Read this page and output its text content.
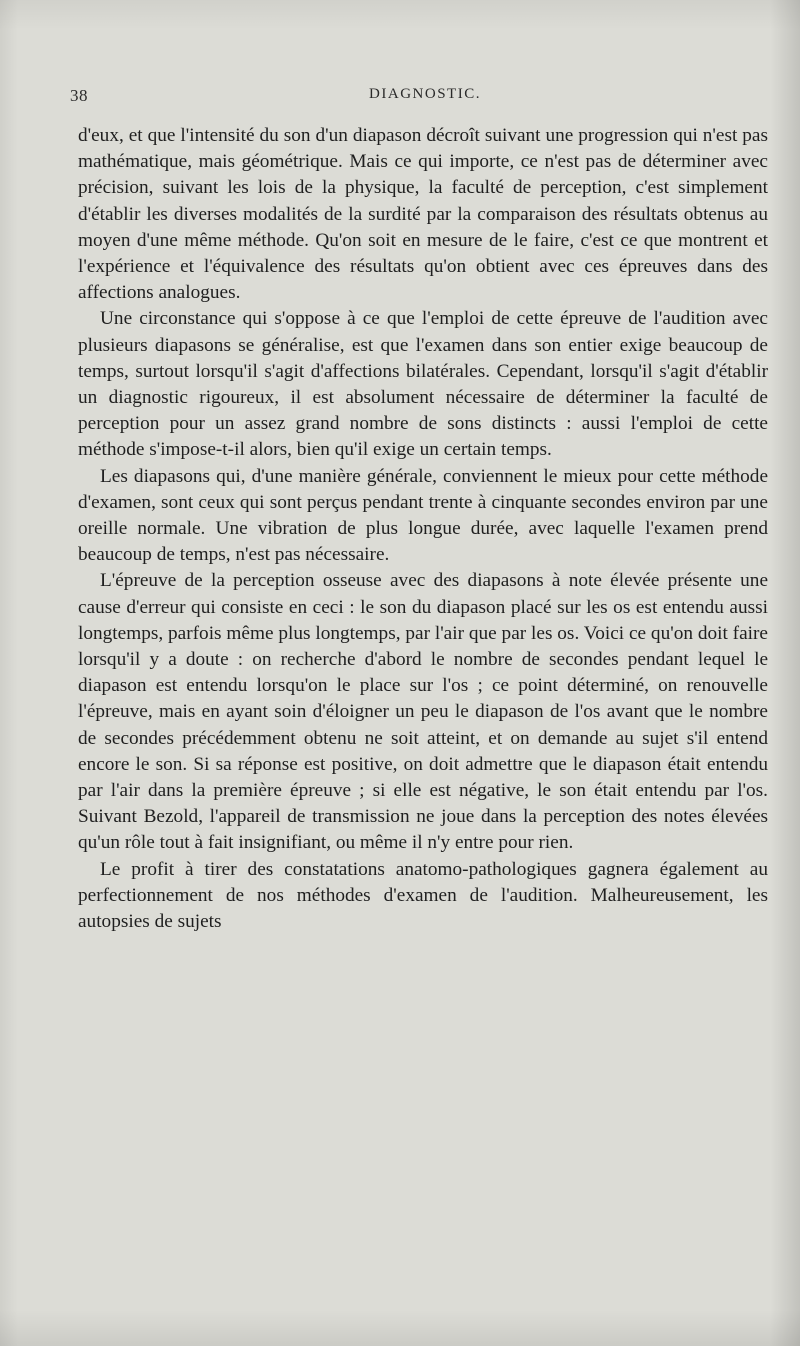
38	DIAGNOSTIC.

d'eux, et que l'intensité du son d'un diapason décroît suivant une progression qui n'est pas mathématique, mais géométrique. Mais ce qui importe, ce n'est pas de déterminer avec précision, suivant les lois de la physique, la faculté de perception, c'est simplement d'établir les diverses modalités de la surdité par la comparaison des résultats obtenus au moyen d'une même méthode. Qu'on soit en mesure de le faire, c'est ce que montrent et l'expérience et l'équivalence des résultats qu'on obtient avec ces épreuves dans des affections analogues.

Une circonstance qui s'oppose à ce que l'emploi de cette épreuve de l'audition avec plusieurs diapasons se généralise, est que l'examen dans son entier exige beaucoup de temps, surtout lorsqu'il s'agit d'affections bilatérales. Cependant, lorsqu'il s'agit d'établir un diagnostic rigoureux, il est absolument nécessaire de déterminer la faculté de perception pour un assez grand nombre de sons distincts : aussi l'emploi de cette méthode s'impose-t-il alors, bien qu'il exige un certain temps.

Les diapasons qui, d'une manière générale, conviennent le mieux pour cette méthode d'examen, sont ceux qui sont perçus pendant trente à cinquante secondes environ par une oreille normale. Une vibration de plus longue durée, avec laquelle l'examen prend beaucoup de temps, n'est pas nécessaire.

L'épreuve de la perception osseuse avec des diapasons à note élevée présente une cause d'erreur qui consiste en ceci : le son du diapason placé sur les os est entendu aussi longtemps, parfois même plus longtemps, par l'air que par les os. Voici ce qu'on doit faire lorsqu'il y a doute : on recherche d'abord le nombre de secondes pendant lequel le diapason est entendu lorsqu'on le place sur l'os ; ce point déterminé, on renouvelle l'épreuve, mais en ayant soin d'éloigner un peu le diapason de l'os avant que le nombre de secondes précédemment obtenu ne soit atteint, et on demande au sujet s'il entend encore le son. Si sa réponse est positive, on doit admettre que le diapason était entendu par l'air dans la première épreuve ; si elle est négative, le son était entendu par l'os. Suivant Bezold, l'appareil de transmission ne joue dans la perception des notes élevées qu'un rôle tout à fait insignifiant, ou même il n'y entre pour rien.

Le profit à tirer des constatations anatomo-pathologiques gagnera également au perfectionnement de nos méthodes d'examen de l'audition. Malheureusement, les autopsies de sujets
